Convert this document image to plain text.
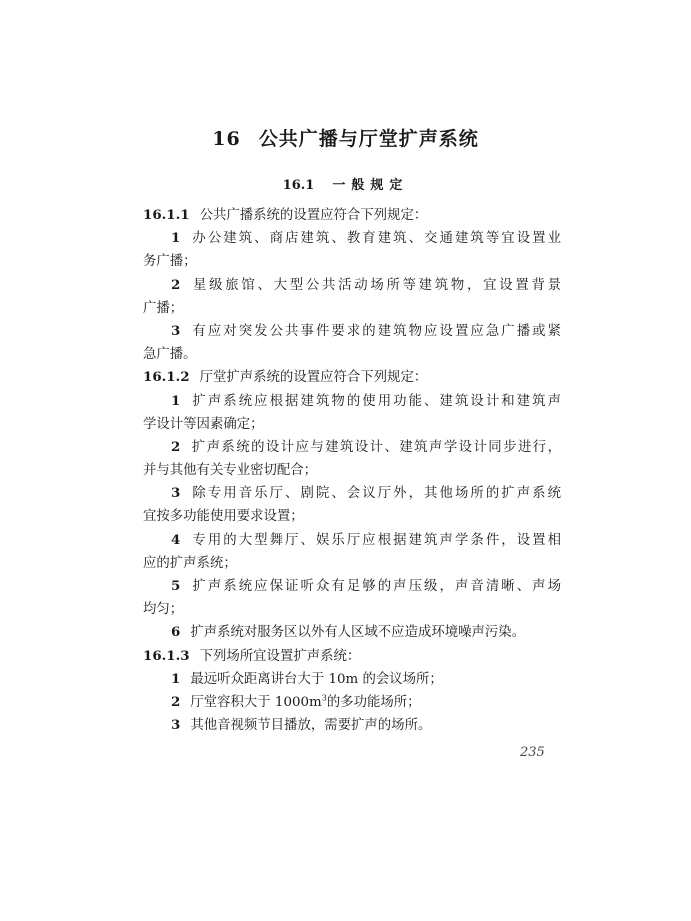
16 公共广播与厅堂扩声系统
16.1 一般规定
16.1.1 公共广播系统的设置应符合下列规定：
1 办公建筑、商店建筑、教育建筑、交通建筑等宜设置业
务广播；
2 星级旅馆、大型公共活动场所等建筑物，宜设置背景
广播；
3 有应对突发公共事件要求的建筑物应设置应急广播或紧
急广播。
16.1.2 厅堂扩声系统的设置应符合下列规定：
1 扩声系统应根据建筑物的使用功能、建筑设计和建筑声
学设计等因素确定；
2 扩声系统的设计应与建筑设计、建筑声学设计同步进行，
并与其他有关专业密切配合；
3 除专用音乐厅、剧院、会议厅外，其他场所的扩声系统
宜按多功能使用要求设置；
4 专用的大型舞厅、娱乐厅应根据建筑声学条件，设置相
应的扩声系统；
5 扩声系统应保证听众有足够的声压级，声音清晰、声场
均匀；
6 扩声系统对服务区以外有人区域不应造成环境噪声污染。
16.1.3 下列场所宜设置扩声系统：
1 最远听众距离讲台大于 10m 的会议场所；
2 厅堂容积大于 $1000m^3$的多功能场所；
3 其他音视频节目播放，需要扩声的场所。
235
